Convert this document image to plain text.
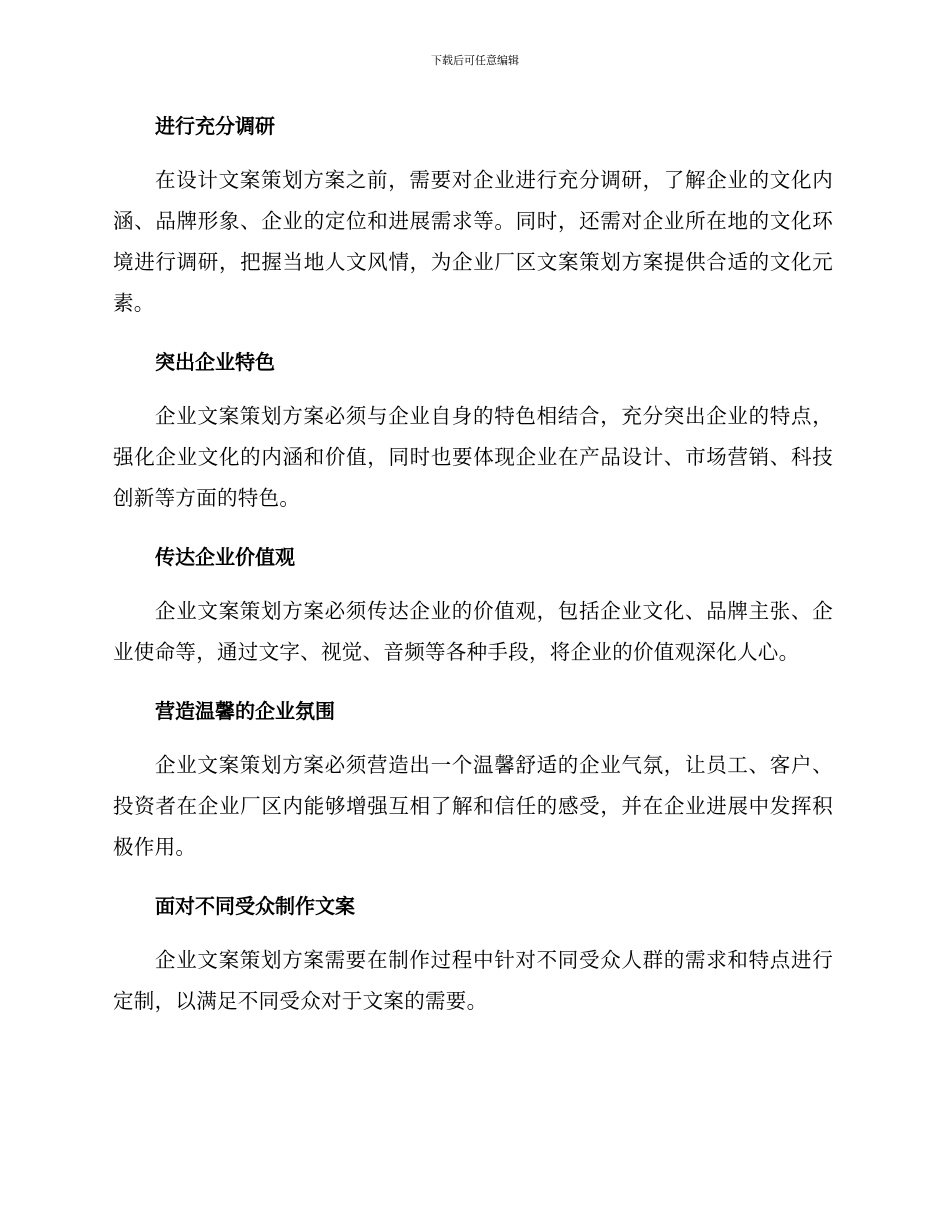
下载后可任意编辑
进行充分调研

在设计文案策划方案之前，需要对企业进行充分调研，了解企业的文化内涵、品牌形象、企业的定位和进展需求等。同时，还需对企业所在地的文化环境进行调研，把握当地人文风情，为企业厂区文案策划方案提供合适的文化元素。

突出企业特色

企业文案策划方案必须与企业自身的特色相结合，充分突出企业的特点，强化企业文化的内涵和价值，同时也要体现企业在产品设计、市场营销、科技创新等方面的特色。

传达企业价值观

企业文案策划方案必须传达企业的价值观，包括企业文化、品牌主张、企业使命等，通过文字、视觉、音频等各种手段，将企业的价值观深化人心。

营造温馨的企业氛围

企业文案策划方案必须营造出一个温馨舒适的企业气氛，让员工、客户、投资者在企业厂区内能够增强互相了解和信任的感受，并在企业进展中发挥积极作用。

面对不同受众制作文案

企业文案策划方案需要在制作过程中针对不同受众人群的需求和特点进行定制，以满足不同受众对于文案的需要。
